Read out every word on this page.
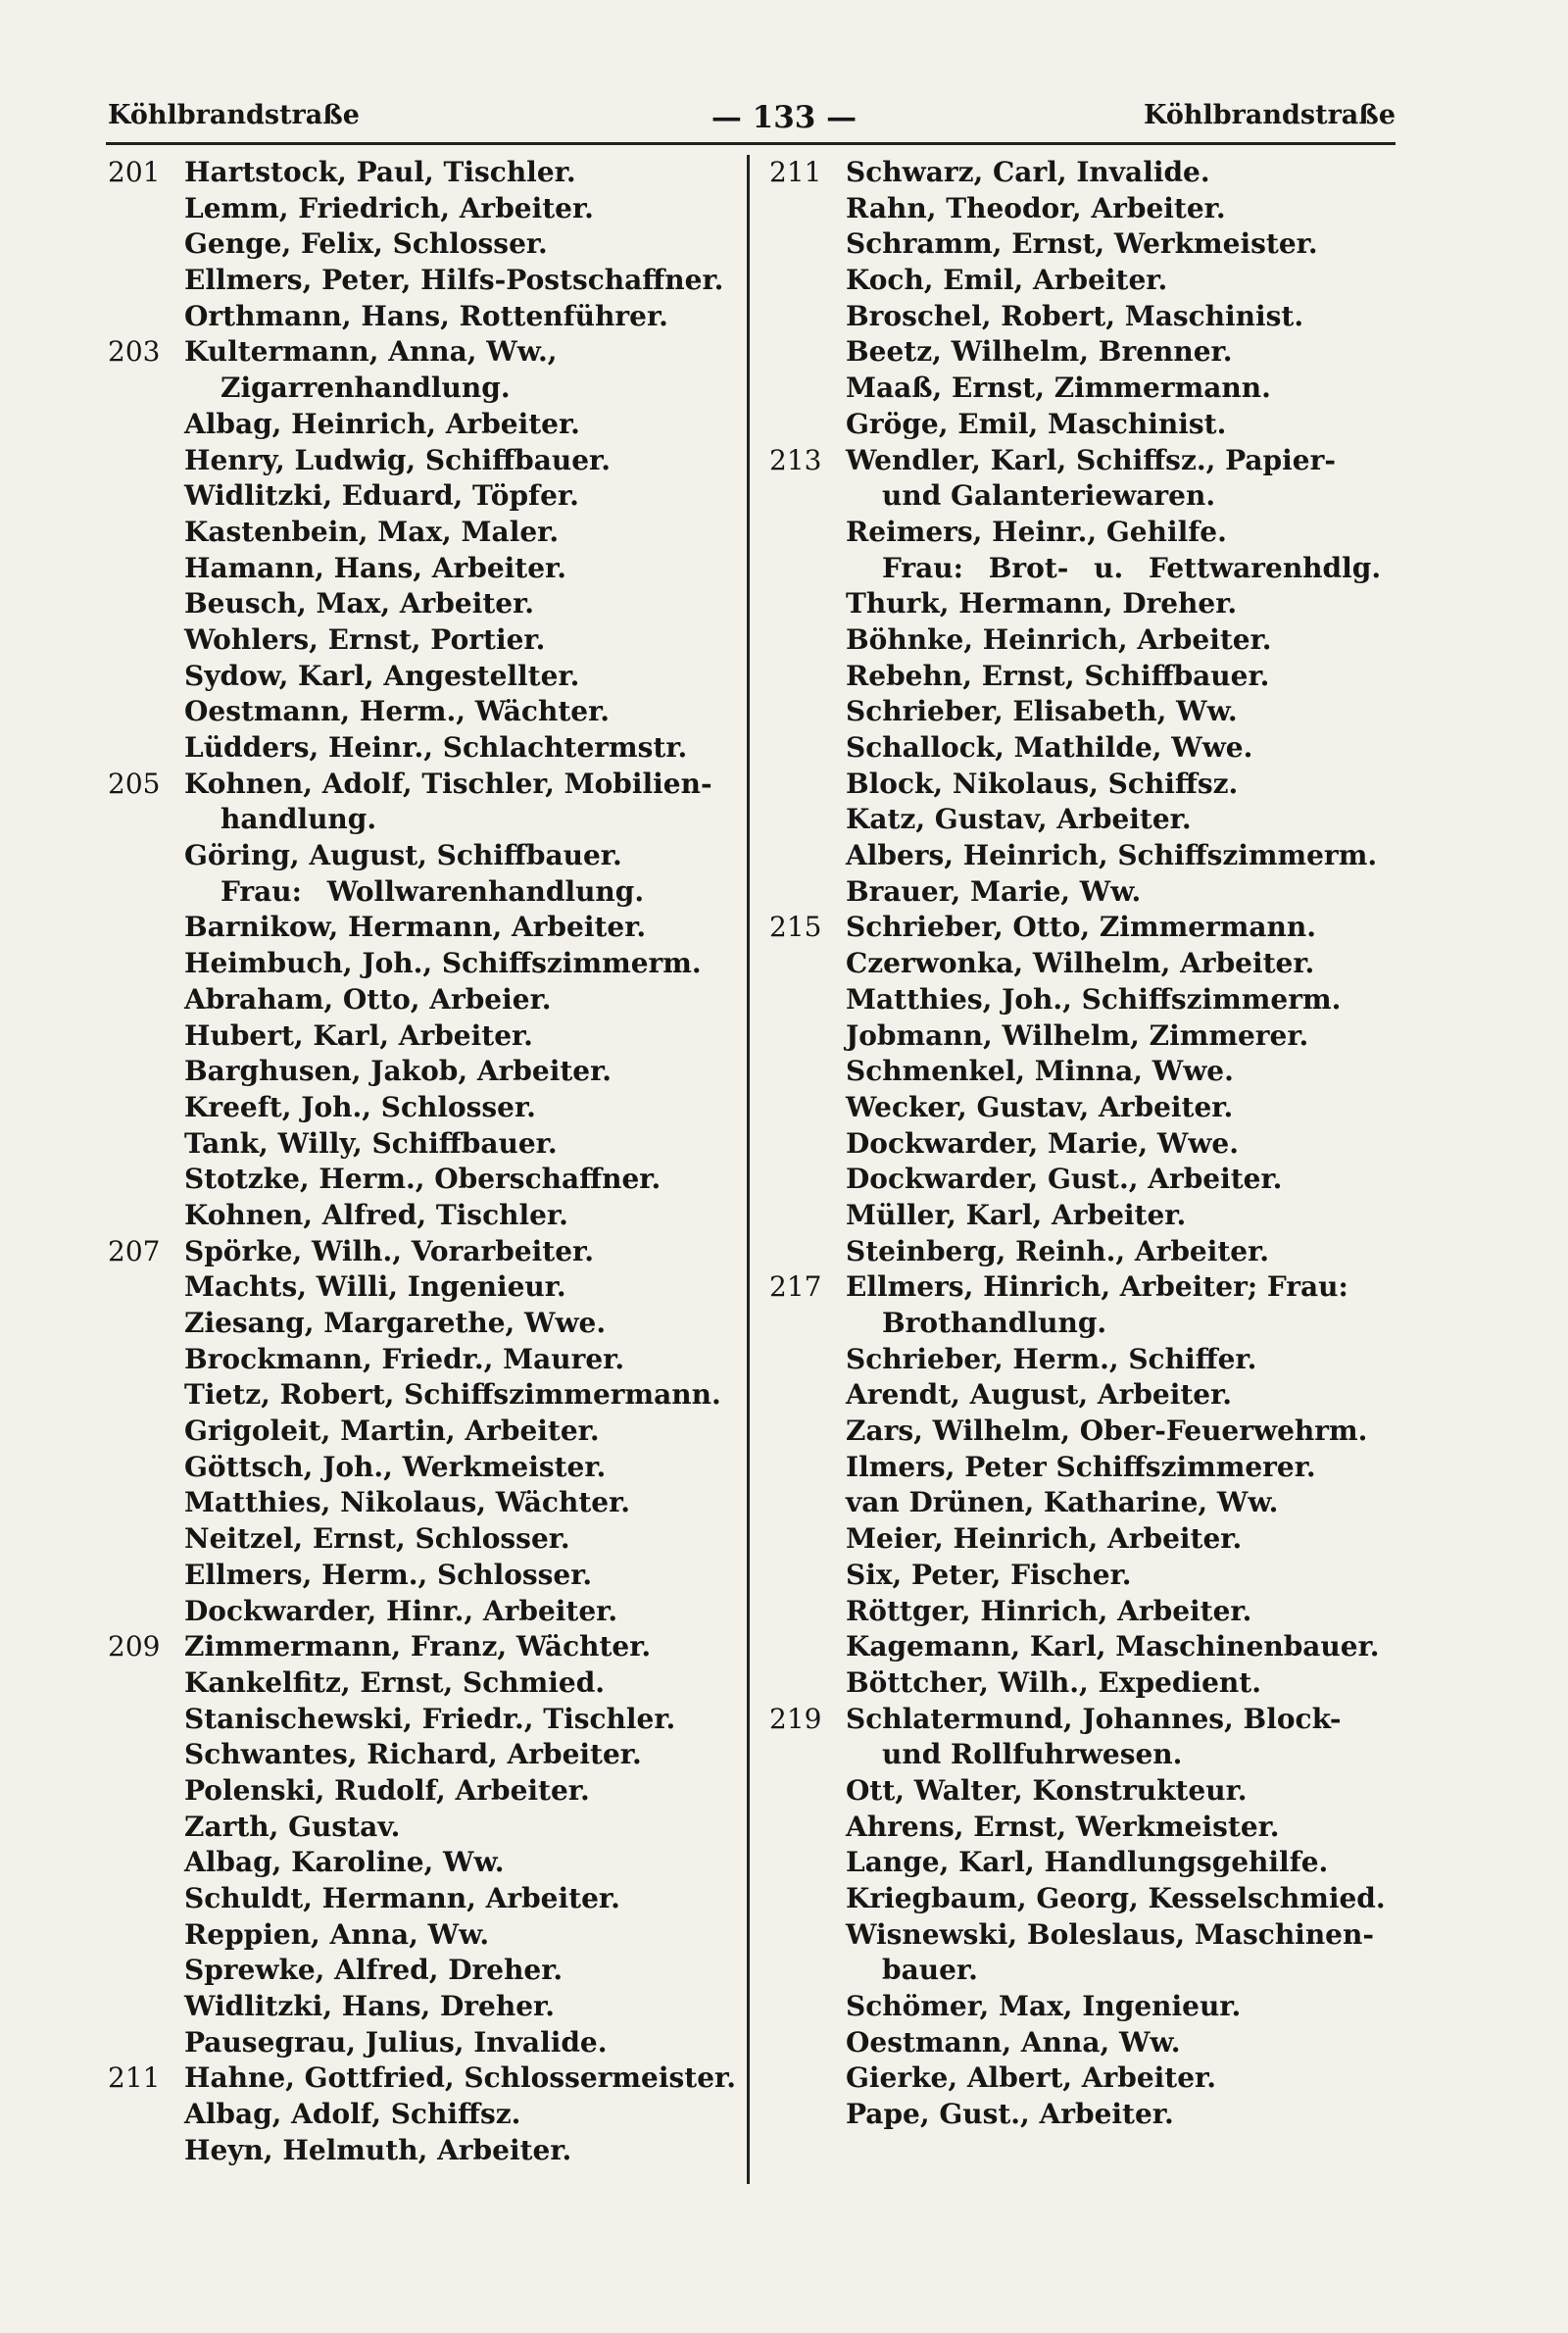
Köhlbrandstraße	— 133 —	Köhlbrandstraße
201 Hartstock, Paul, Tischler.
Lemm, Friedrich, Arbeiter.
Genge, Felix, Schlosser.
Ellmers, Peter, Hilfs-Postschaffner.
Orthmann, Hans, Rottenführer.
203 Kultermann, Anna, Ww.,
Zigarrenhandlung.
Albag, Heinrich, Arbeiter.
Henry, Ludwig, Schiffbauer.
Widlitzki, Eduard, Töpfer.
Kastenbein, Max, Maler.
Hamann, Hans, Arbeiter.
Beusch, Max, Arbeiter.
Wohlers, Ernst, Portier.
Sydow, Karl, Angestellter.
Oestmann, Herm., Wächter.
Lüdders, Heinr., Schlachtermstr.
205 Kohnen, Adolf, Tischler, Mobilien-
handlung.
Göring, August, Schiffbauer.
Frau: Wollwarenhandlung.
Barnikow, Hermann, Arbeiter.
Heimbuch, Joh., Schiffszimmerm.
Abraham, Otto, Arbeier.
Hubert, Karl, Arbeiter.
Barghusen, Jakob, Arbeiter.
Kreeft, Joh., Schlosser.
Tank, Willy, Schiffbauer.
Stotzke, Herm., Oberschaffner.
Kohnen, Alfred, Tischler.
207 Spörke, Wilh., Vorarbeiter.
Machts, Willi, Ingenieur.
Ziesang, Margarethe, Wwe.
Brockmann, Friedr., Maurer.
Tietz, Robert, Schiffszimmermann.
Grigoleit, Martin, Arbeiter.
Göttsch, Joh., Werkmeister.
Matthies, Nikolaus, Wächter.
Neitzel, Ernst, Schlosser.
Ellmers, Herm., Schlosser.
Dockwarder, Hinr., Arbeiter.
209 Zimmermann, Franz, Wächter.
Kankelfitz, Ernst, Schmied.
Stanischewski, Friedr., Tischler.
Schwantes, Richard, Arbeiter.
Polenski, Rudolf, Arbeiter.
Zarth, Gustav.
Albag, Karoline, Ww.
Schuldt, Hermann, Arbeiter.
Reppien, Anna, Ww.
Sprewke, Alfred, Dreher.
Widlitzki, Hans, Dreher.
Pausegrau, Julius, Invalide.
211 Hahne, Gottfried, Schlossermeister.
Albag, Adolf, Schiffsz.
Heyn, Helmuth, Arbeiter.
211 Schwarz, Carl, Invalide.
Rahn, Theodor, Arbeiter.
Schramm, Ernst, Werkmeister.
Koch, Emil, Arbeiter.
Broschel, Robert, Maschinist.
Beetz, Wilhelm, Brenner.
Maaß, Ernst, Zimmermann.
Gröge, Emil, Maschinist.
213 Wendler, Karl, Schiffsz., Papier-
und Galanteriewaren.
Reimers, Heinr., Gehilfe.
Frau: Brot- u. Fettwarenhdlg.
Thurk, Hermann, Dreher.
Böhnke, Heinrich, Arbeiter.
Rebehn, Ernst, Schiffbauer.
Schrieber, Elisabeth, Ww.
Schallock, Mathilde, Wwe.
Block, Nikolaus, Schiffsz.
Katz, Gustav, Arbeiter.
Albers, Heinrich, Schiffszimmerm.
Brauer, Marie, Ww.
215 Schrieber, Otto, Zimmermann.
Czerwonka, Wilhelm, Arbeiter.
Matthies, Joh., Schiffszimmerm.
Jobmann, Wilhelm, Zimmerer.
Schmenkel, Minna, Wwe.
Wecker, Gustav, Arbeiter.
Dockwarder, Marie, Wwe.
Dockwarder, Gust., Arbeiter.
Müller, Karl, Arbeiter.
Steinberg, Reinh., Arbeiter.
217 Ellmers, Hinrich, Arbeiter; Frau:
Brothandlung.
Schrieber, Herm., Schiffer.
Arendt, August, Arbeiter.
Zars, Wilhelm, Ober-Feuerwehrm.
Ilmers, Peter Schiffszimmerer.
van Drünen, Katharine, Ww.
Meier, Heinrich, Arbeiter.
Six, Peter, Fischer.
Röttger, Hinrich, Arbeiter.
Kagemann, Karl, Maschinenbauer.
Böttcher, Wilh., Expedient.
219 Schlatermund, Johannes, Block-
und Rollfuhrwesen.
Ott, Walter, Konstrukteur.
Ahrens, Ernst, Werkmeister.
Lange, Karl, Handlungsgehilfe.
Kriegbaum, Georg, Kesselschmied.
Wisnewski, Boleslaus, Maschinen-
bauer.
Schömer, Max, Ingenieur.
Oestmann, Anna, Ww.
Gierke, Albert, Arbeiter.
Pape, Gust., Arbeiter.
